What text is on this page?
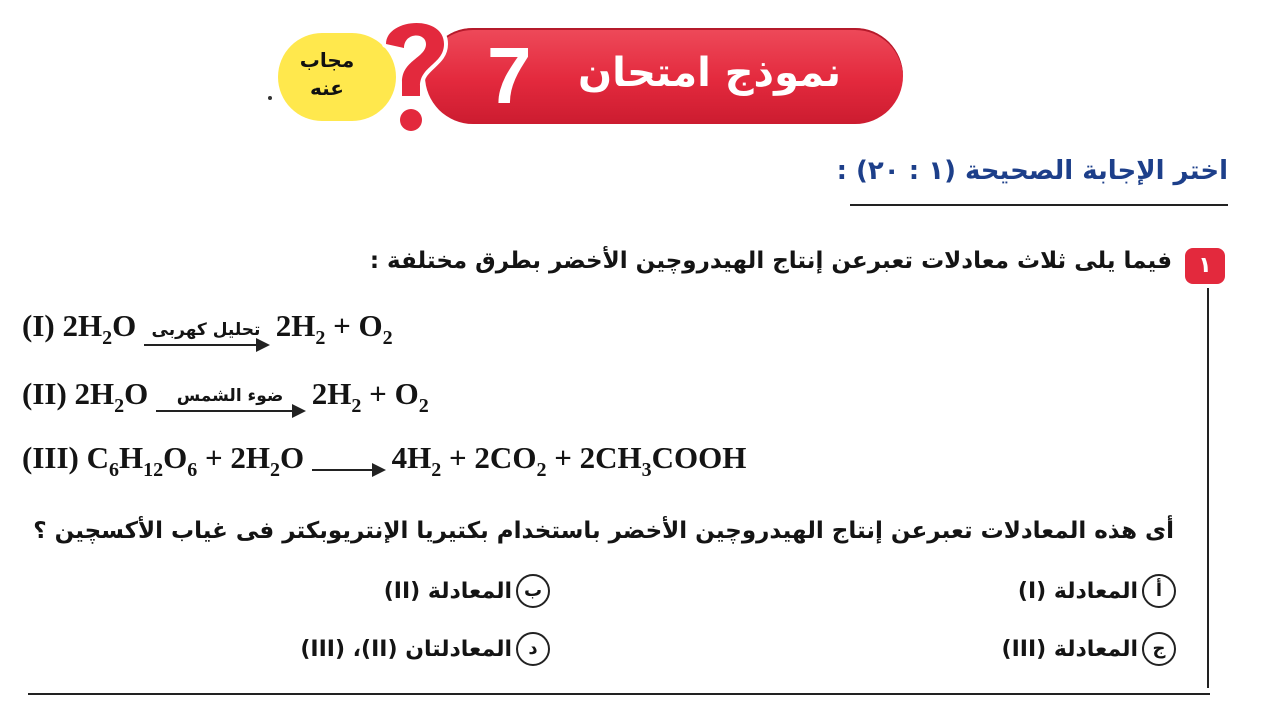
مجاب
عنه 7 نموذج امتحان
اختر الإجابة الصحيحة (١ : ٢٠) :
١
فيما يلى ثلاث معادلات تعبرعن إنتاج الهيدروچين الأخضر بطرق مختلفة :
(I) $2H_2O$ تحليل كهربى $2H_2 + O_2$
(II) $2H_2O$	ضوء الشمس $2H_2 + O_2$
(III) $C_6H_{12}O_6 + 2H_2O$
$4H_2 + 2CO_2$ + $2CH_3COOH$
أى هذه المعادلات تعبرعن إنتاج الهيدروچين الأخضر باستخدام بكتيريا الإنتريوبكتر فى غياب الأكسچين ؟
أ
المعادلة (I)
ب
المعادلة (II)
ج
المعادلة (III)
د
المعادلتان (II)، (III)
